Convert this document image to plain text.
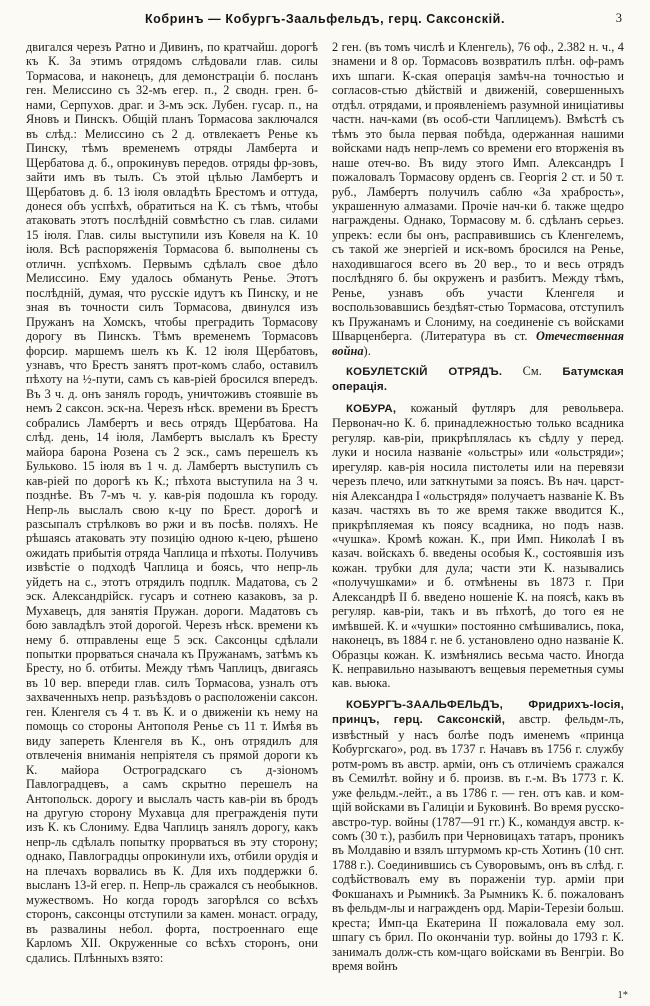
Кобринъ — Кобургъ-Заальфельдъ, герц. Саксонскій.	3

двигался черезъ Ратно и Дивинъ, по кратчайш. дорогѣ къ К. За этимъ отрядомъ слѣдовали глав. силы Тормасова, и наконецъ, для демонстраціи б. посланъ ген. Мелиссино съ 32-мъ егер. п., 2 сводн. грен. б-нами, Серпухов. драг. и 3-мъ эск. Лубен. гусар. п., на Яновъ и Пинскъ. Общій планъ Тормасова заключался въ слѣд.: Мелиссино съ 2 д. отвлекаетъ Ренье къ Пинску, тѣмъ временемъ отряды Ламберта и Щербатова д. б., опрокинувъ передов. отряды фр-зовъ, зайти имъ въ тылъ. Съ этой цѣлью Ламбертъ и Щербатовъ д. б. 13 іюля овладѣть Брестомъ и оттуда, донеся объ успѣхѣ, обратиться на К. съ тѣмъ, чтобы атаковать этотъ послѣдній совмѣстно съ глав. силами 15 іюля. Глав. силы выступили изъ Ковеля на К. 10 іюля. Всѣ распоряженія Тормасова б. выполнены съ отличн. успѣхомъ. Первымъ сдѣлалъ свое дѣло Мелиссино. Ему удалось обмануть Ренье. Этотъ послѣдній, думая, что русскіе идутъ къ Пинску, и не зная въ точности силъ Тормасова, двинулся изъ Пружанъ на Хомскъ, чтобы преградить Тормасову дорогу въ Пинскъ. Тѣмъ временемъ Тормасовъ форсир. маршемъ шелъ къ К. 12 іюля Щербатовъ, узнавъ, что Брестъ занятъ прот-комъ слабо, оставилъ пѣхоту на ½-пути, самъ съ кав-ріей бросился впередъ. Въ 3 ч. д. онъ занялъ городъ, уничтоживъ стоявшіе въ немъ 2 саксон. эск-на. Черезъ нѣск. времени въ Брестъ собрались Ламбертъ и весь отрядъ Щербатова. На слѣд. день, 14 іюля, Ламбертъ выслалъ къ Бресту майора барона Розена съ 2 эск., самъ перешелъ къ Бульково. 15 іюля въ 1 ч. д. Ламбертъ выступилъ съ кав-ріей по дорогѣ къ К.; пѣхота выступила на 3 ч. позднѣе. Въ 7-мъ ч. у. кав-рія подошла къ городу. Непр-ль выслалъ свою к-цу по Брест. дорогѣ и разсыпалъ стрѣлковъ во ржи и въ посѣв. поляхъ. Не рѣшаясь атаковать эту позицію одною к-цею, рѣшено ожидать прибытія отряда Чаплица и пѣхоты. Получивъ извѣстіе о подходѣ Чаплица и боясь, что непр-ль уйдетъ на с., этотъ отрядилъ подплк. Мадатова, съ 2 эск. Александрійск. гусаръ и сотнею казаковъ, за р. Мухавецъ, для занятія Пружан. дороги. Мадатовъ съ бою завладѣлъ этой дорогой. Черезъ нѣск. времени къ нему б. отправлены еще 5 эск. Саксонцы сдѣлали попытки прорваться сначала къ Пружанамъ, затѣмъ къ Бресту, но б. отбиты. Между тѣмъ Чаплицъ, двигаясь въ 10 вер. впереди глав. силъ Тормасова, узналъ отъ захваченныхъ непр. разъѣздовъ о расположеніи саксон. ген. Кленгеля съ 4 т. въ К. и о движеніи къ нему на помощь со стороны Антополя Ренье съ 11 т. Имѣя въ виду запереть Кленгеля въ К., онъ отрядилъ для отвлеченія вниманія непріятеля съ прямой дороги къ К. майора Остроградскаго съ д-зіономъ Павлоградцевъ, а самъ скрытно перешелъ на Антопольск. дорогу и выслалъ часть кав-ріи въ бродъ на другую сторону Мухавца для прегражденія пути изъ К. къ Слониму. Едва Чаплицъ занялъ дорогу, какъ непр-ль сдѣлалъ попытку прорваться въ эту сторону; однако, Павлоградцы опрокинули ихъ, отбили орудія и на плечахъ ворвались въ К. Для ихъ поддержки б. высланъ 13-й егер. п. Непр-ль сражался съ необыкнов. мужествомъ. Но когда городъ загорѣлся со всѣхъ сторонъ, саксонцы отступили за камен. монаст. ограду, въ развалины небол. форта, построеннаго еще Карломъ XII. Окруженные со всѣхъ сторонъ, они сдались. Плѣнныхъ взято:

2 ген. (въ томъ числѣ и Кленгель), 76 оф., 2.382 н. ч., 4 знамени и 8 ор. Тормасовъ возвратилъ плѣн. оф-рамъ ихъ шпаги. К-ская операція замѣч-на точностью и согласов-стью дѣйствій и движеній, совершенныхъ отдѣл. отрядами, и проявленіемъ разумной иниціативы частн. нач-ками (въ особ-сти Чаплицемъ). Вмѣстѣ съ тѣмъ это была первая побѣда, одержанная нашими войсками надъ непр-лемъ со времени его вторженія въ наше отеч-во. Въ виду этого Имп. Александръ I пожаловалъ Тормасову орденъ св. Георгія 2 ст. и 50 т. руб., Ламбертъ получилъ саблю «За храбрость», украшенную алмазами. Прочіе нач-ки б. также щедро награждены. Однако, Тормасову м. б. сдѣланъ серьез. упрекъ: если бы онъ, расправившись съ Кленгелемъ, съ такой же энергіей и иск-вомъ бросился на Ренье, находившагося всего въ 20 вер., то и весь отрядъ послѣдняго б. бы окруженъ и разбитъ. Между тѣмъ, Ренье, узнавъ объ участи Кленгеля и воспользовавшись бездѣят-стью Тормасова, отступилъ къ Пружанамъ и Слониму, на соединеніе съ войсками Шварценберга. (Литература въ ст. Отечественная война).

КОБУЛЕТСКІЙ ОТРЯДЪ. См. Батумская операція.

КОБУРА, кожаный футляръ для револьвера. Первонач-но К. б. принадлежностью только всадника регуляр. кав-ріи, прикрѣплялась къ сѣдлу у перед. луки и носила названіе «ольстры» или «ольстряди»; ирегуляр. кав-рія носила пистолеты или на перевязи черезъ плечо, или заткнутыми за поясъ. Въ нач. царст-нія Александра I «ольстрядя» получаетъ названіе К. Въ казач. частяхъ въ то же время также вводится К., прикрѣпляемая къ поясу всадника, но подъ назв. «чушка». Кромѣ кожан. К., при Имп. Николаѣ I въ казач. войскахъ б. введены особыя К., состоявшія изъ кожан. трубки для дула; части эти К. назывались «получушками» и б. отмѣнены въ 1873 г. При Александрѣ II б. введено ношеніе К. на поясѣ, какъ въ регуляр. кав-ріи, такъ и въ пѣхотѣ, до того ея не имѣвшей. К. и «чушки» постоянно смѣшивались, пока, наконецъ, въ 1884 г. не б. установлено одно названіе К. Образцы кожан. К. измѣнялись весьма часто. Иногда К. неправильно называютъ вещевыя переметныя сумы кав. вьюка.

КОБУРГЪ-ЗААЛЬФЕЛЬДЪ, Фридрихъ-Іосія, принцъ, герц. Саксонскій, австр. фельдм-лъ, извѣстный у насъ болѣе подъ именемъ «принца Кобургскаго», род. въ 1737 г. Начавъ въ 1756 г. службу ротм-ромъ въ австр. арміи, онъ съ отличіемъ сражался въ Семилѣт. войну и б. произв. въ г.-м. Въ 1773 г. К. уже фельдм.-лейт., а въ 1786 г. — ген. отъ кав. и ком-щій войсками въ Галиціи и Буковинѣ. Во время русско-австро-тур. войны (1787—91 гг.) К., командуя австр. к-сомъ (30 т.), разбилъ при Черновицахъ татаръ, проникъ въ Молдавію и взялъ штурмомъ кр-сть Хотинъ (10 снт. 1788 г.). Соединившись съ Суворовымъ, онъ въ слѣд. г. содѣйствовалъ ему въ пораженіи тур. арміи при Фокшанахъ и Рымникѣ. За Рымникъ К. б. пожалованъ въ фельдм-лы и награжденъ орд. Маріи-Терезіи больш. креста; Имп-ца Екатерина II пожаловала ему зол. шпагу съ брил. По окончаніи тур. войны до 1793 г. К. занималъ долж-сть ком-щаго войсками въ Венгріи. Во время войнъ

1*
